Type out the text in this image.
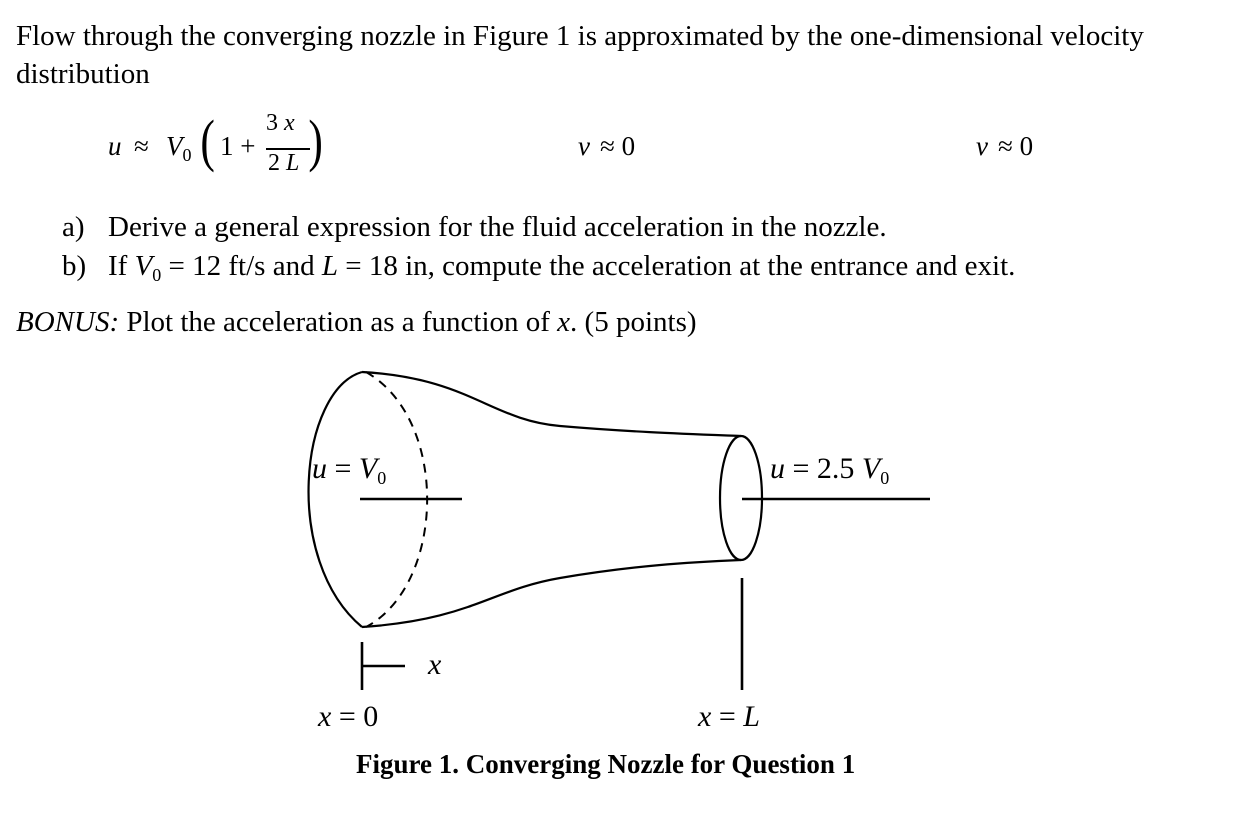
Flow through the converging nozzle in Figure 1 is approximated by the one-dimensional velocity
distribution
$u \approx V_0$ ( 1 +
3 x
2 L )	v ≈ 0	v ≈ 0
a) Derive a general expression for the fluid acceleration in the nozzle.
b) If $V_0 = 12$ ft/s and L = 18 in, compute the acceleration at the entrance and exit.
BONUS: Plot the acceleration as a function of x. (5 points)
$u = V_0$	u = 2.5 $V_0$
x
x = 0	x = L
Figure 1. Converging Nozzle for Question 1
